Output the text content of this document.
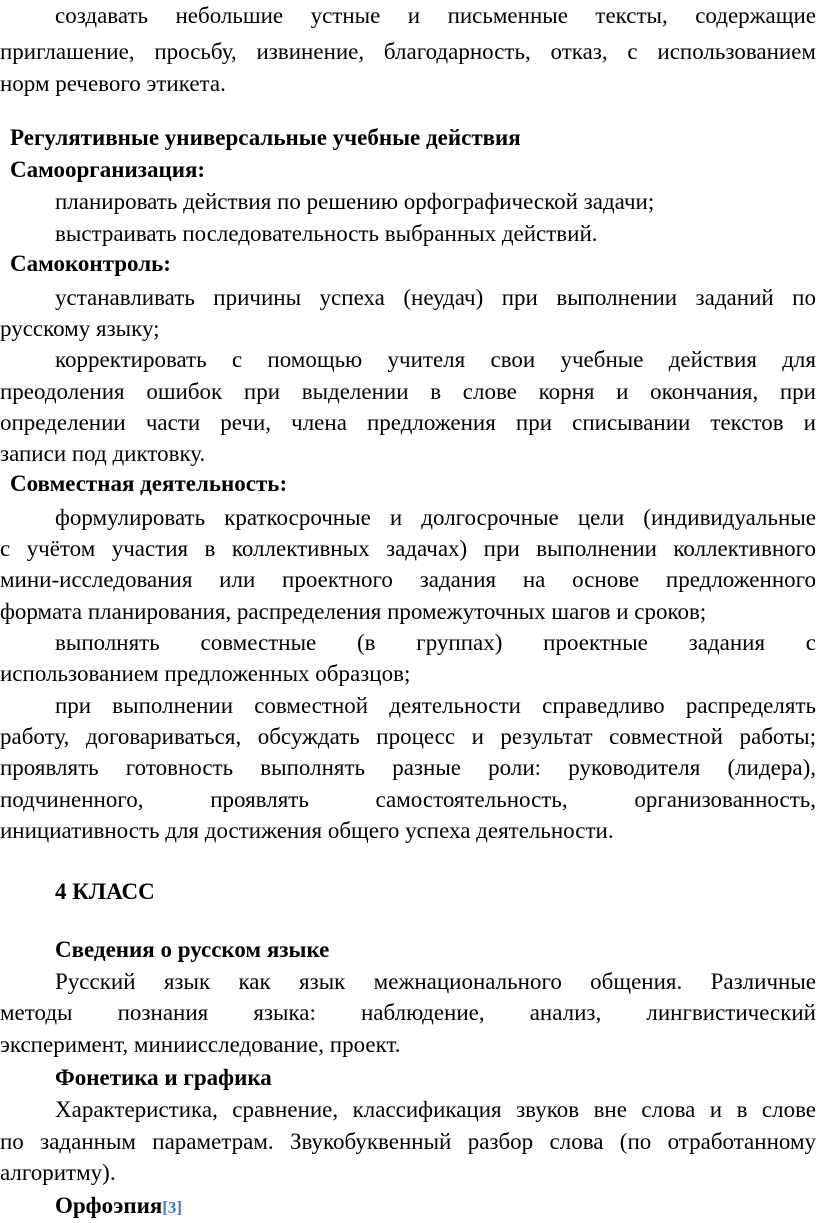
создавать небольшие устные и письменные тексты, содержащие
приглашение, просьбу, извинение, благодарность, отказ, с использованием
норм речевого этикета.
Регулятивные универсальные учебные действия
Самоорганизация:
планировать действия по решению орфографической задачи;
выстраивать последовательность выбранных действий.
Самоконтроль:
устанавливать причины успеха (неудач) при выполнении заданий по
русскому языку;
корректировать с помощью учителя свои учебные действия для
преодоления ошибок при выделении в слове корня и окончания, при
определении части речи, члена предложения при списывании текстов и
записи под диктовку.
Совместная деятельность:
формулировать краткосрочные и долгосрочные цели (индивидуальные
с учётом участия в коллективных задачах) при выполнении коллективного
мини-исследования или проектного задания на основе предложенного
формата планирования, распределения промежуточных шагов и сроков;
выполнять совместные (в группах) проектные задания с
использованием предложенных образцов;
при выполнении совместной деятельности справедливо распределять
работу, договариваться, обсуждать процесс и результат совместной работы;
проявлять готовность выполнять разные роли: руководителя (лидера),
подчиненного, проявлять самостоятельность, организованность,
инициативность для достижения общего успеха деятельности.
4 КЛАСС
Сведения о русском языке
Русский язык как язык межнационального общения. Различные
методы познания языка: наблюдение, анализ, лингвистический
эксперимент, миниисследование, проект.
Фонетика и графика
Характеристика, сравнение, классификация звуков вне слова и в слове
по заданным параметрам. Звукобуквенный разбор слова (по отработанному
алгоритму).
Орфоэпия[3]
